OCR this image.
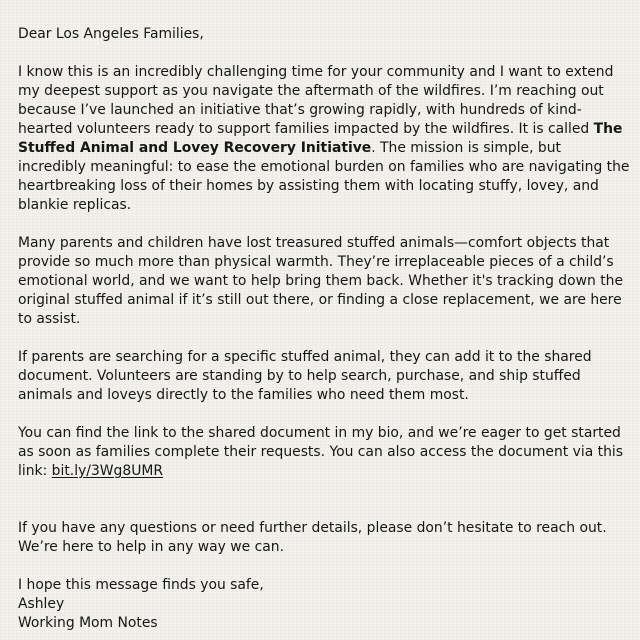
Dear Los Angeles Families,

I know this is an incredibly challenging time for your community and I want to extend my deepest support as you navigate the aftermath of the wildfires. I’m reaching out because I’ve launched an initiative that’s growing rapidly, with hundreds of kind-hearted volunteers ready to support families impacted by the wildfires. It is called The Stuffed Animal and Lovey Recovery Initiative. The mission is simple, but incredibly meaningful: to ease the emotional burden on families who are navigating the heartbreaking loss of their homes by assisting them with locating stuffy, lovey, and blankie replicas.

Many parents and children have lost treasured stuffed animals—comfort objects that provide so much more than physical warmth. They’re irreplaceable pieces of a child’s emotional world, and we want to help bring them back. Whether it's tracking down the original stuffed animal if it’s still out there, or finding a close replacement, we are here to assist.

If parents are searching for a specific stuffed animal, they can add it to the shared document. Volunteers are standing by to help search, purchase, and ship stuffed animals and loveys directly to the families who need them most.

You can find the link to the shared document in my bio, and we’re eager to get started as soon as families complete their requests. You can also access the document via this link: bit.ly/3Wg8UMR

If you have any questions or need further details, please don’t hesitate to reach out. We’re here to help in any way we can.

I hope this message finds you safe,
Ashley
Working Mom Notes
